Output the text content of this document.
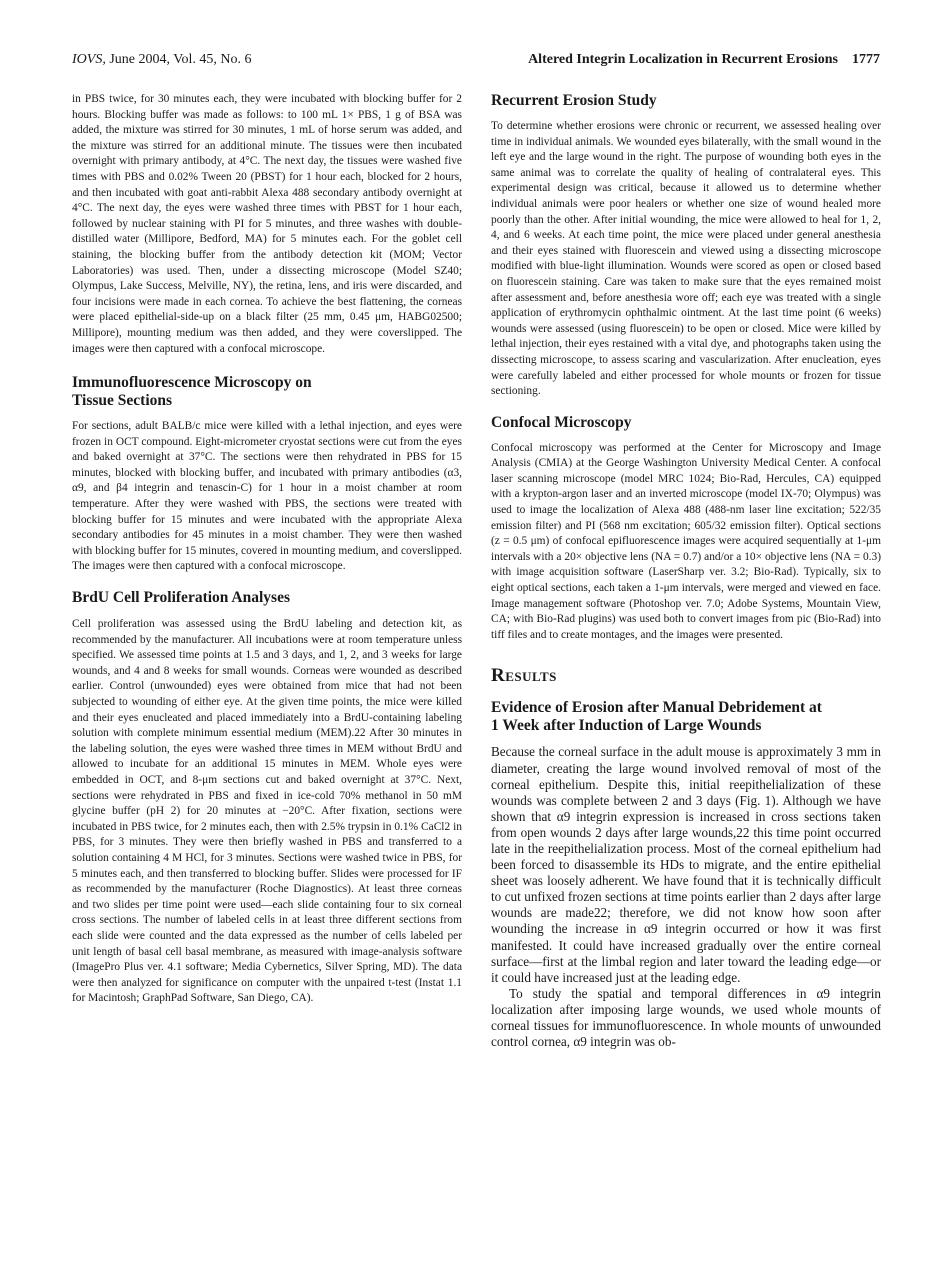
IOVS, June 2004, Vol. 45, No. 6	Altered Integrin Localization in Recurrent Erosions 1777

in PBS twice, for 30 minutes each, they were incubated with blocking buffer for 2 hours. Blocking buffer was made as follows: to 100 mL 1× PBS, 1 g of BSA was added, the mixture was stirred for 30 minutes, 1 mL of horse serum was added, and the mixture was stirred for an additional minute. The tissues were then incubated overnight with primary antibody, at 4°C. The next day, the tissues were washed five times with PBS and 0.02% Tween 20 (PBST) for 1 hour each, blocked for 2 hours, and then incubated with goat anti-rabbit Alexa 488 secondary antibody overnight at 4°C. The next day, the eyes were washed three times with PBST for 1 hour each, followed by nuclear staining with PI for 5 minutes, and three washes with double-distilled water (Millipore, Bedford, MA) for 5 minutes each. For the goblet cell staining, the blocking buffer from the antibody detection kit (MOM; Vector Laboratories) was used. Then, under a dissecting microscope (Model SZ40; Olympus, Lake Success, Melville, NY), the retina, lens, and iris were discarded, and four incisions were made in each cornea. To achieve the best flattening, the corneas were placed epithelial-side-up on a black filter (25 mm, 0.45 μm, HABG02500; Millipore), mounting medium was then added, and they were coverslipped. The images were then captured with a confocal microscope.

Immunofluorescence Microscopy on
Tissue Sections

For sections, adult BALB/c mice were killed with a lethal injection, and eyes were frozen in OCT compound. Eight-micrometer cryostat sections were cut from the eyes and baked overnight at 37°C. The sections were then rehydrated in PBS for 15 minutes, blocked with blocking buffer, and incubated with primary antibodies (α3, α9, and β4 integrin and tenascin-C) for 1 hour in a moist chamber at room temperature. After they were washed with PBS, the sections were treated with blocking buffer for 15 minutes and were incubated with the appropriate Alexa secondary antibodies for 45 minutes in a moist chamber. They were then washed with blocking buffer for 15 minutes, covered in mounting medium, and coverslipped. The images were then captured with a confocal microscope.

BrdU Cell Proliferation Analyses

Cell proliferation was assessed using the BrdU labeling and detection kit, as recommended by the manufacturer. All incubations were at room temperature unless specified. We assessed time points at 1.5 and 3 days, and 1, 2, and 3 weeks for large wounds, and 4 and 8 weeks for small wounds. Corneas were wounded as described earlier. Control (unwounded) eyes were obtained from mice that had not been subjected to wounding of either eye. At the given time points, the mice were killed and their eyes enucleated and placed immediately into a BrdU-containing labeling solution with complete minimum essential medium (MEM).22 After 30 minutes in the labeling solution, the eyes were washed three times in MEM without BrdU and allowed to incubate for an additional 15 minutes in MEM. Whole eyes were embedded in OCT, and 8-μm sections cut and baked overnight at 37°C. Next, sections were rehydrated in PBS and fixed in ice-cold 70% methanol in 50 mM glycine buffer (pH 2) for 20 minutes at −20°C. After fixation, sections were incubated in PBS twice, for 2 minutes each, then with 2.5% trypsin in 0.1% CaCl2 in PBS, for 3 minutes. They were then briefly washed in PBS and transferred to a solution containing 4 M HCl, for 3 minutes. Sections were washed twice in PBS, for 5 minutes each, and then transferred to blocking buffer. Slides were processed for IF as recommended by the manufacturer (Roche Diagnostics). At least three corneas and two slides per time point were used—each slide containing four to six corneal cross sections. The number of labeled cells in at least three different sections from each slide were counted and the data expressed as the number of cells labeled per unit length of basal cell basal membrane, as measured with image-analysis software (ImagePro Plus ver. 4.1 software; Media Cybernetics, Silver Spring, MD). The data were then analyzed for significance on computer with the unpaired t-test (Instat 1.1 for Macintosh; GraphPad Software, San Diego, CA).

Recurrent Erosion Study

To determine whether erosions were chronic or recurrent, we assessed healing over time in individual animals. We wounded eyes bilaterally, with the small wound in the left eye and the large wound in the right. The purpose of wounding both eyes in the same animal was to correlate the quality of healing of contralateral eyes. This experimental design was critical, because it allowed us to determine whether individual animals were poor healers or whether one size of wound healed more poorly than the other. After initial wounding, the mice were allowed to heal for 1, 2, 4, and 6 weeks. At each time point, the mice were placed under general anesthesia and their eyes stained with fluorescein and viewed using a dissecting microscope modified with blue-light illumination. Wounds were scored as open or closed based on fluorescein staining. Care was taken to make sure that the eyes remained moist after assessment and, before anesthesia wore off; each eye was treated with a single application of erythromycin ophthalmic ointment. At the last time point (6 weeks) wounds were assessed (using fluorescein) to be open or closed. Mice were killed by lethal injection, their eyes restained with a vital dye, and photographs taken using the dissecting microscope, to assess scaring and vascularization. After enucleation, eyes were carefully labeled and either processed for whole mounts or frozen for tissue sectioning.

Confocal Microscopy

Confocal microscopy was performed at the Center for Microscopy and Image Analysis (CMIA) at the George Washington University Medical Center. A confocal laser scanning microscope (model MRC 1024; Bio-Rad, Hercules, CA) equipped with a krypton-argon laser and an inverted microscope (model IX-70; Olympus) was used to image the localization of Alexa 488 (488-nm laser line excitation; 522/35 emission filter) and PI (568 nm excitation; 605/32 emission filter). Optical sections (z = 0.5 μm) of confocal epifluorescence images were acquired sequentially at 1-μm intervals with a 20× objective lens (NA = 0.7) and/or a 10× objective lens (NA = 0.3) with image acquisition software (LaserSharp ver. 3.2; Bio-Rad). Typically, six to eight optical sections, each taken a 1-μm intervals, were merged and viewed en face. Image management software (Photoshop ver. 7.0; Adobe Systems, Mountain View, CA; with Bio-Rad plugins) was used both to convert images from pic (Bio-Rad) into tiff files and to create montages, and the images were presented.

RESULTS
Evidence of Erosion after Manual Debridement at
1 Week after Induction of Large Wounds

Because the corneal surface in the adult mouse is approximately 3 mm in diameter, creating the large wound involved removal of most of the corneal epithelium. Despite this, initial reepithelialization of these wounds was complete between 2 and 3 days (Fig. 1). Although we have shown that α9 integrin expression is increased in cross sections taken from open wounds 2 days after large wounds,22 this time point occurred late in the reepithelialization process. Most of the corneal epithelium had been forced to disassemble its HDs to migrate, and the entire epithelial sheet was loosely adherent. We have found that it is technically difficult to cut unfixed frozen sections at time points earlier than 2 days after large wounds are made22; therefore, we did not know how soon after wounding the increase in α9 integrin occurred or how it was first manifested. It could have increased gradually over the entire corneal surface—first at the limbal region and later toward the leading edge—or it could have increased just at the leading edge.

To study the spatial and temporal differences in α9 integrin localization after imposing large wounds, we used whole mounts of corneal tissues for immunofluorescence. In whole mounts of unwounded control cornea, α9 integrin was ob-
